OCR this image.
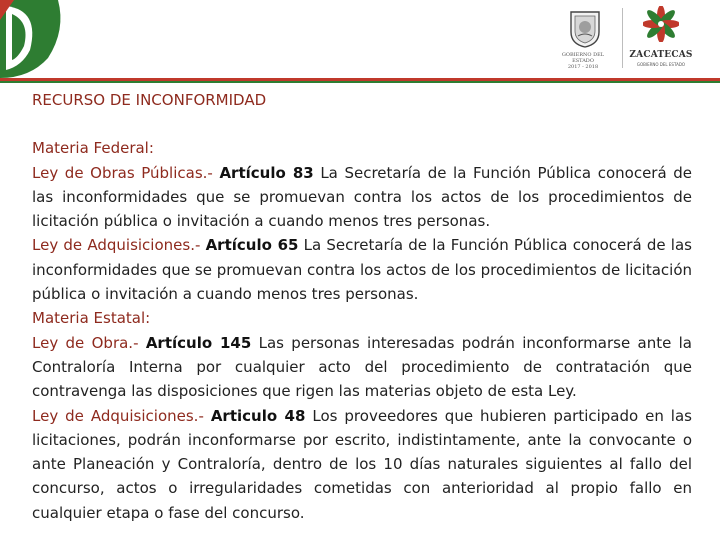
GOBIERNO DEL ESTADO
2017 - 2018
ZACATECAS
GOBIERNO DEL ESTADO
RECURSO DE INCONFORMIDAD

Materia Federal:

Ley de Obras Públicas.- Artículo 83 La Secretaría de la Función Pública conocerá de las inconformidades que se promuevan contra los actos de los procedimientos de licitación pública o invitación a cuando menos tres personas.

Ley de Adquisiciones.- Artículo 65 La Secretaría de la Función Pública conocerá de las inconformidades que se promuevan contra los actos de los procedimientos de licitación pública o invitación a cuando menos tres personas.

Materia Estatal:

Ley de Obra.- Artículo 145 Las personas interesadas podrán inconformarse ante la Contraloría Interna por cualquier acto del procedimiento de contratación que contravenga las disposiciones que rigen las materias objeto de esta Ley.

Ley de Adquisiciones.- Articulo 48 Los proveedores que hubieren participado en las licitaciones, podrán inconformarse por escrito, indistintamente, ante la convocante o ante Planeación y Contraloría, dentro de los 10 días naturales siguientes al fallo del concurso, actos o irregularidades cometidas con anterioridad al propio fallo en cualquier etapa o fase del concurso.
